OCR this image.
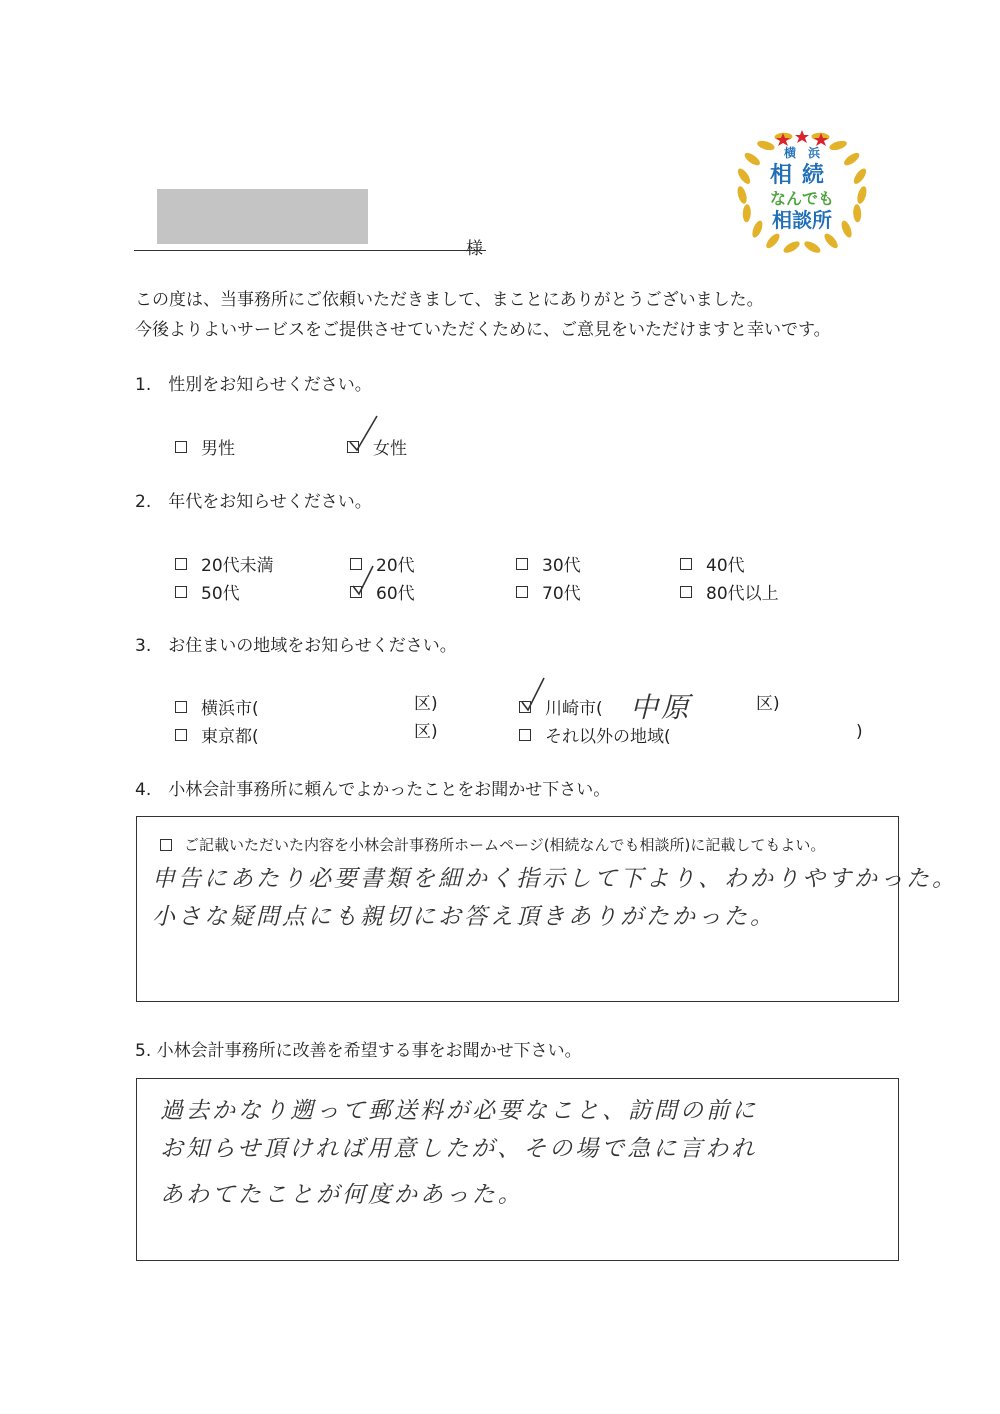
横　浜
相続
なんでも
相談所
様
この度は、当事務所にご依頼いただきまして、まことにありがとうございました。
今後よりよいサービスをご提供させていただくために、ご意見をいただけますと幸いです。
1.　性別をお知らせください。
男性	女性
2.　年代をお知らせください。
20代未満	20代	30代	40代
50代	60代	70代	80代以上
3.　お住まいの地域をお知らせください。
横浜市(	区)	川崎市( 中原	区)
東京都(	区)	それ以外の地域(	)
4.　小林会計事務所に頼んでよかったことをお聞かせ下さい。
ご記載いただいた内容を小林会計事務所ホームページ(相続なんでも相談所)に記載してもよい。
申告にあたり必要書類を細かく指示して下より、わかりやすかった。
小さな疑問点にも親切にお答え頂きありがたかった。
5. 小林会計事務所に改善を希望する事をお聞かせ下さい。
過去かなり遡って郵送料が必要なこと、訪問の前に
お知らせ頂ければ用意したが、その場で急に言われ
あわてたことが何度かあった。
